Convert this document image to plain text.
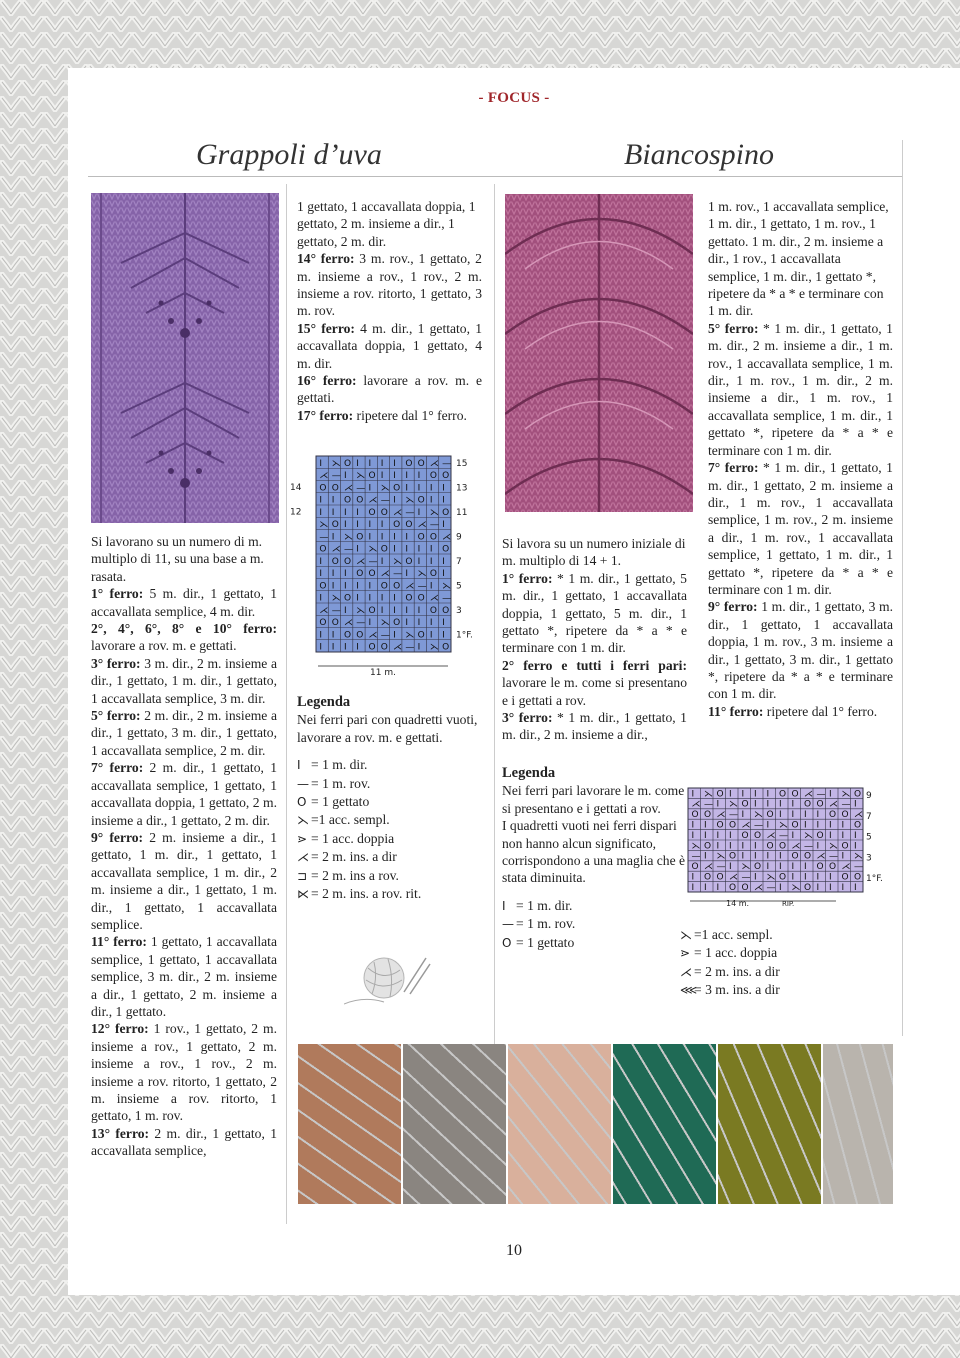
- FOCUS -
Grappoli d’uva	Biancospino

Si lavorano su un numero di m. multiplo di 11, su una base a m. rasata.

1° ferro: 5 m. dir., 1 gettato, 1 accavallata semplice, 4 m. dir.

2°, 4°, 6°, 8° e 10° ferro: lavorare a rov. m. e gettati.

3° ferro: 3 m. dir., 2 m. insieme a dir., 1 gettato, 1 m. dir., 1 gettato, 1 accavallata semplice, 3 m. dir.

5° ferro: 2 m. dir., 2 m. insieme a dir., 1 gettato, 3 m. dir., 1 gettato, 1 accavallata semplice, 2 m. dir.

7° ferro: 2 m. dir., 1 gettato, 1 accavallata semplice, 1 gettato, 1 accavallata doppia, 1 gettato, 2 m. insieme a dir., 1 gettato, 2 m. dir.

9° ferro: 2 m. insieme a dir., 1 gettato, 1 m. dir., 1 gettato, 1 accavallata semplice, 1 m. dir., 2 m. insieme a dir., 1 gettato, 1 m. dir., 1 gettato, 1 accavallata semplice.

11° ferro: 1 gettato, 1 accavallata semplice, 1 gettato, 1 accavallata semplice, 3 m. dir., 2 m. insieme a dir., 1 gettato, 2 m. insieme a dir., 1 gettato.

12° ferro: 1 rov., 1 gettato, 2 m. insieme a rov., 1 gettato, 2 m. insieme a rov., 1 rov., 2 m. insieme a rov. ritorto, 1 gettato, 2 m. insieme a rov. ritorto, 1 gettato, 1 m. rov.

13° ferro: 2 m. dir., 1 gettato, 1 accavallata semplice,

1 gettato, 1 accavallata doppia, 1 gettato, 2 m. insieme a dir., 1 gettato, 2 m. dir.

14° ferro: 3 m. rov., 1 gettato, 2 m. insieme a rov., 1 rov., 2 m. insieme a rov. ritorto, 1 gettato, 3 m. rov.

15° ferro: 4 m. dir., 1 gettato, 1 accavallata doppia, 1 gettato, 4 m. dir.

16° ferro: lavorare a rov. m. e gettati.

17° ferro: ripetere dal 1° ferro.

I ⋋ O I I I I O O ⋌ —
⋌ — I ⋋ O I I I I O O
O O ⋌ — I ⋋ O I I I I
I I O O ⋌ — I ⋋ O I I
I I I I O O ⋌ — I ⋋ O
⋋ O I I I I O O ⋌ — I
— I ⋋ O I I I I O O ⋌
O ⋌ — I ⋋ O I I I I O
I O O ⋌ — I ⋋ O I I I
I I I O O ⋌ — I ⋋ O I
O I I I I O O ⋌ — I ⋋
I ⋋ O I I I I O O ⋌ —
⋌ — I ⋋ O I I I I O O
O O ⋌ — I ⋋ O I I I I
I I O O ⋌ — I ⋋ O I I
I I I I O O ⋌ — I ⋋ O
15
13
11
9
7
5
3
1°F.
14
12
11 m.

Legenda

Nei ferri pari con quadretti vuoti, lavorare a rov. m. e gettati.

I = 1 m. dir.

— = 1 m. rov.

O = 1 gettato

⋋ =1 acc. sempl.

⋗ = 1 acc. doppia

⋌ = 2 m. ins. a dir

⊐ = 2 m. ins a rov.

⋉ = 2 m. ins. a rov. rit.

Si lavora su un numero iniziale di m. multiplo di 14 + 1.

1° ferro: * 1 m. dir., 1 gettato, 5 m. dir., 1 gettato, 1 accavallata doppia, 1 gettato, 5 m. dir., 1 gettato *, ripetere da * a * e terminare con 1 m. dir.

2° ferro e tutti i ferri pari: lavorare le m. come si presentano e i gettati a rov.

3° ferro: * 1 m. dir., 1 gettato, 1 m. dir., 2 m. insieme a dir.,

Legenda

Nei ferri pari lavorare le m. come si presentano e i gettati a rov.

I quadretti vuoti nei ferri dispari non hanno alcun significato, corrispondono a una maglia che è stata diminuita.

I = 1 m. dir.

— = 1 m. rov.

O = 1 gettato

1 m. rov., 1 accavallata semplice, 1 m. dir., 1 gettato, 1 m. rov., 1 gettato. 1 m. dir., 2 m. insieme a dir., 1 rov., 1 accavallata semplice, 1 m. dir., 1 gettato *, ripetere da * a * e terminare con 1 m. dir.

5° ferro: * 1 m. dir., 1 gettato, 1 m. dir., 2 m. insieme a dir., 1 m. rov., 1 accavallata semplice, 1 m. dir., 1 m. rov., 1 m. dir., 2 m. insieme a dir., 1 m. rov., 1 accavallata semplice, 1 m. dir., 1 gettato *, ripetere da * a * e terminare con 1 m. dir.

7° ferro: * 1 m. dir., 1 gettato, 1 m. dir., 1 gettato, 2 m. insieme a dir., 1 m. rov., 1 accavallata semplice, 1 m. rov., 2 m. insieme a dir., 1 m. rov., 1 accavallata semplice, 1 gettato, 1 m. dir., 1 gettato *, ripetere da * a * e terminare con 1 m. dir.

9° ferro: 1 m. dir., 1 gettato, 3 m. dir., 1 gettato, 1 accavallata doppia, 1 m. rov., 3 m. insieme a dir., 1 gettato, 3 m. dir., 1 gettato *, ripetere da * a * e terminare con 1 m. dir.

11° ferro: ripetere dal 1° ferro.

I ⋋ O I I I I O O ⋌ — I ⋋ O
⋌ — I ⋋ O I I I I O O ⋌ — I
O O ⋌ — I ⋋ O I I I I O O ⋌
I I O O ⋌ — I ⋋ O I I I I O
I I I I O O ⋌ — I ⋋ O I I I
⋋ O I I I I O O ⋌ — I ⋋ O I
— I ⋋ O I I I I O O ⋌ — I ⋋
O ⋌ — I ⋋ O I I I I O O ⋌ —
I O O ⋌ — I ⋋ O I I I I O O
I I I O O ⋌ — I ⋋ O I I I I
9
7
5
3
1°F.
14 m.	RIP.

⋋ =1 acc. sempl.

⋗ = 1 acc. doppia

⋌ = 2 m. ins. a dir

⋘= 3 m. ins. a dir

10
